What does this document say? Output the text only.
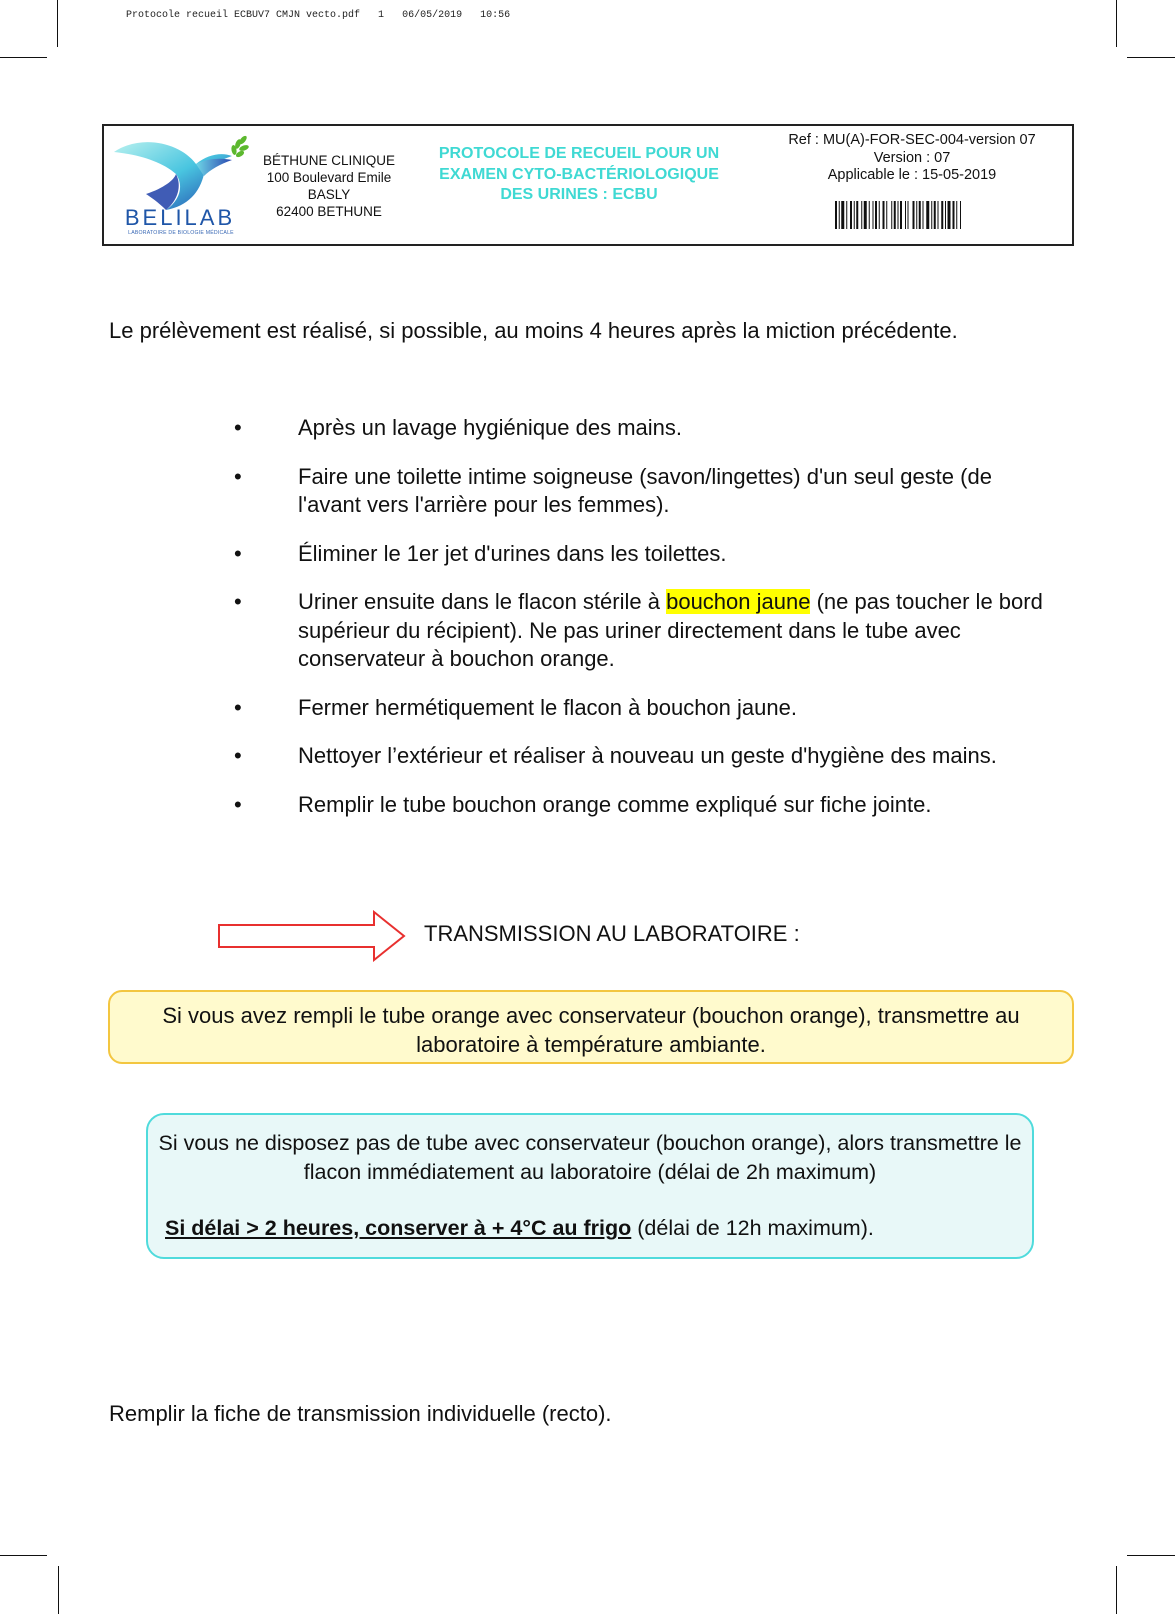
Protocole recueil ECBUV7 CMJN vecto.pdf 1 06/05/2019 10:56
BELILAB
LABORATOIRE DE BIOLOGIE MÉDICALE
BÉTHUNE CLINIQUE
100 Boulevard Emile
BASLY
62400 BETHUNE
PROTOCOLE DE RECUEIL POUR UN
EXAMEN CYTO-BACTÉRIOLOGIQUE
DES URINES : ECBU
Ref : MU(A)-FOR-SEC-004-version 07
Version : 07
Applicable le : 15-05-2019
Le prélèvement est réalisé, si possible, au moins 4 heures après la miction précédente.
•	Après un lavage hygiénique des mains.
•	Faire une toilette intime soigneuse (savon/lingettes) d'un seul geste (de l'avant vers l'arrière pour les femmes).
•	Éliminer le 1er jet d'urines dans les toilettes.
•	Uriner ensuite dans le flacon stérile à bouchon jaune (ne pas toucher le bord supérieur du récipient). Ne pas uriner directement dans le tube avec conservateur à bouchon orange.
•	Fermer hermétiquement le flacon à bouchon jaune.
•	Nettoyer l’extérieur et réaliser à nouveau un geste d'hygiène des mains.
•	Remplir le tube bouchon orange comme expliqué sur fiche jointe.
TRANSMISSION AU LABORATOIRE :
Si vous avez rempli le tube orange avec conservateur (bouchon orange), transmettre au laboratoire à température ambiante.
Si vous ne disposez pas de tube avec conservateur (bouchon orange), alors transmettre le flacon immédiatement au laboratoire (délai de 2h maximum)
Si délai > 2 heures, conserver à + 4°C au frigo (délai de 12h maximum).
Remplir la fiche de transmission individuelle (recto).
